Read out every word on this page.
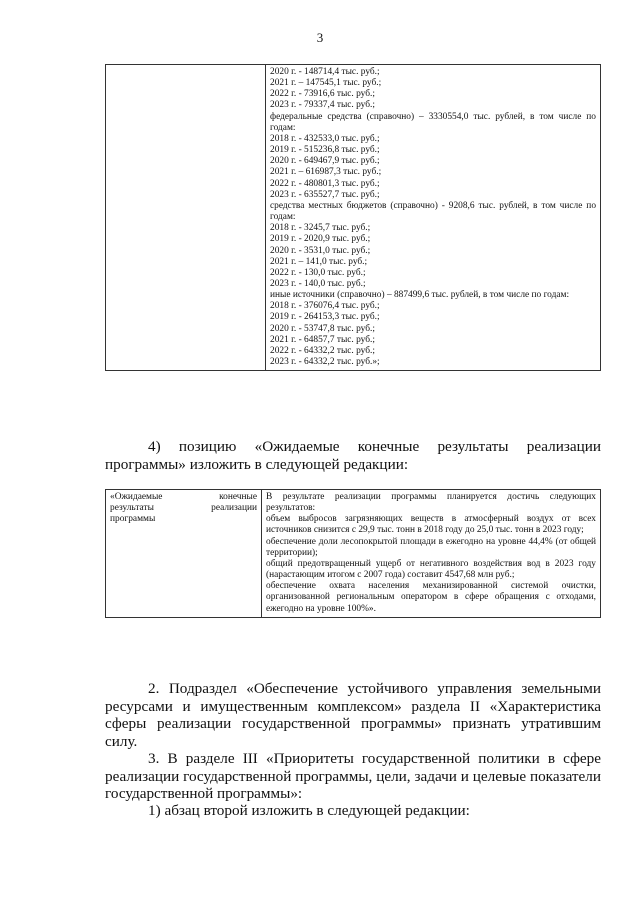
3

2020 г. - 148714,4 тыс. руб.;
2021 г. – 147545,1 тыс. руб.;
2022 г. - 73916,6 тыс. руб.;
2023 г. - 79337,4 тыс. руб.;
федеральные средства (справочно) – 3330554,0 тыс. рублей, в том числе по годам:
2018 г. - 432533,0 тыс. руб.;
2019 г. - 515236,8 тыс. руб.;
2020 г. - 649467,9 тыс. руб.;
2021 г. – 616987,3 тыс. руб.;
2022 г. - 480801,3 тыс. руб.;
2023 г. - 635527,7 тыс. руб.;
средства местных бюджетов (справочно) - 9208,6 тыс. рублей, в том числе по годам:
2018 г. - 3245,7 тыс. руб.;
2019 г. - 2020,9 тыс. руб.;
2020 г. - 3531,0 тыс. руб.;
2021 г. – 141,0 тыс. руб.;
2022 г. - 130,0 тыс. руб.;
2023 г. - 140,0 тыс. руб.;
иные источники (справочно) – 887499,6 тыс. рублей, в том числе по годам:
2018 г. - 376076,4 тыс. руб.;
2019 г. - 264153,3 тыс. руб.;
2020 г. - 53747,8 тыс. руб.;
2021 г. - 64857,7 тыс. руб.;
2022 г. - 64332,2 тыс. руб.;
2023 г. - 64332,2 тыс. руб.»;
4) позицию «Ожидаемые конечные результаты реализации программы» изложить в следующей редакции:
«Ожидаемые	конечные
результаты	реализации
программы

В результате реализации программы планируется достичь следующих результатов:
объем выбросов загрязняющих веществ в атмосферный воздух от всех источников снизится с 29,9 тыс. тонн в 2018 году до 25,0 тыс. тонн в 2023 году;
обеспечение доли лесопокрытой площади в ежегодно на уровне 44,4% (от общей территории);
общий предотвращенный ущерб от негативного воздействия вод в 2023 году (нарастающим итогом с 2007 года) составит 4547,68 млн руб.;
обеспечение охвата населения механизированной системой очистки, организованной региональным оператором в сфере обращения с отходами, ежегодно на уровне 100%».
2. Подраздел «Обеспечение устойчивого управления земельными ресурсами и имущественным комплексом» раздела II «Характеристика сферы реализации государственной программы» признать утратившим силу.
3. В разделе III «Приоритеты государственной политики в сфере реализации государственной программы, цели, задачи и целевые показатели государственной программы»:
1) абзац второй изложить в следующей редакции:
